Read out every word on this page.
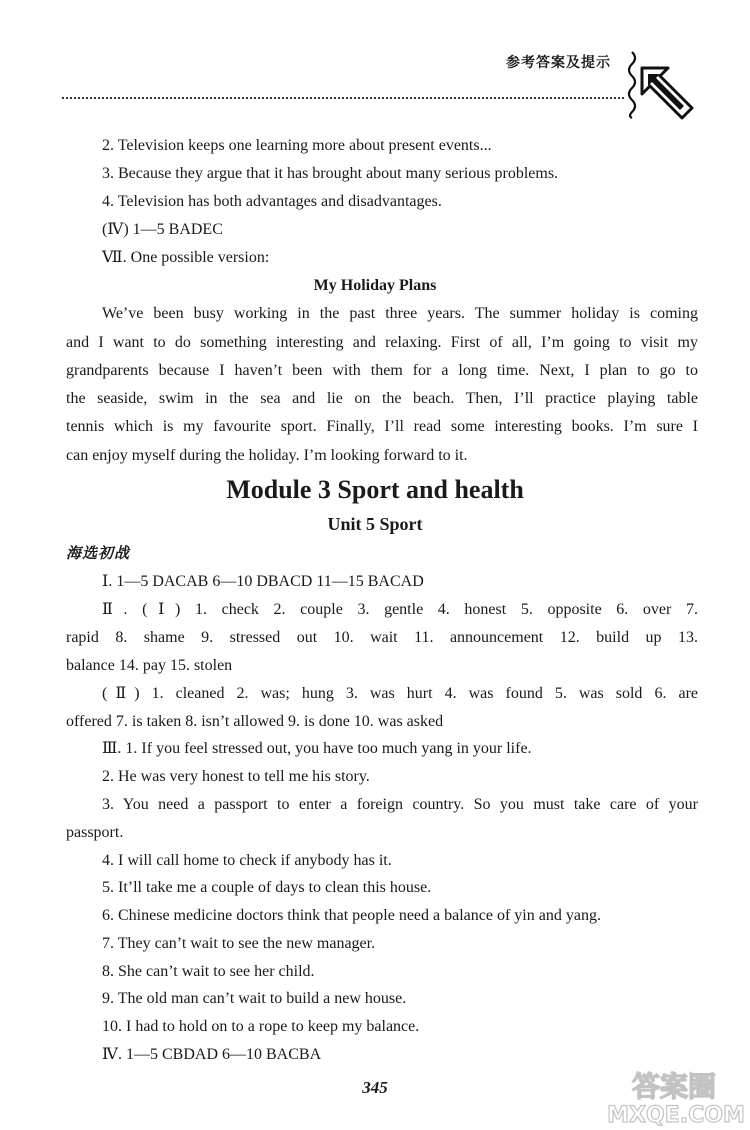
参考答案及提示
2. Television keeps one learning more about present events...
3. Because they argue that it has brought about many serious problems.
4. Television has both advantages and disadvantages.
(Ⅳ) 1—5 BADEC
Ⅶ. One possible version:
My Holiday Plans
We’ve been busy working in the past three years. The summer holiday is coming
and I want to do something interesting and relaxing. First of all, I’m going to visit my
grandparents because I haven’t been with them for a long time. Next, I plan to go to
the seaside, swim in the sea and lie on the beach. Then, I’ll practice playing table
tennis which is my favourite sport. Finally, I’ll read some interesting books. I’m sure I
can enjoy myself during the holiday. I’m looking forward to it.
Module 3 Sport and health
Unit 5 Sport
海选初战
Ⅰ. 1—5 DACAB 6—10 DBACD 11—15 BACAD
Ⅱ. (Ⅰ) 1. check 2. couple 3. gentle 4. honest 5. opposite 6. over 7.
rapid 8. shame 9. stressed out 10. wait 11. announcement 12. build up 13.
balance 14. pay 15. stolen
(Ⅱ) 1. cleaned 2. was; hung 3. was hurt 4. was found 5. was sold 6. are
offered 7. is taken 8. isn’t allowed 9. is done 10. was asked
Ⅲ. 1. If you feel stressed out, you have too much yang in your life.
2. He was very honest to tell me his story.
3. You need a passport to enter a foreign country. So you must take care of your
passport.
4. I will call home to check if anybody has it.
5. It’ll take me a couple of days to clean this house.
6. Chinese medicine doctors think that people need a balance of yin and yang.
7. They can’t wait to see the new manager.
8. She can’t wait to see her child.
9. The old man can’t wait to build a new house.
10. I had to hold on to a rope to keep my balance.
Ⅳ. 1—5 CBDAD 6—10 BACBA
345	答案圈
MXQE.COM
